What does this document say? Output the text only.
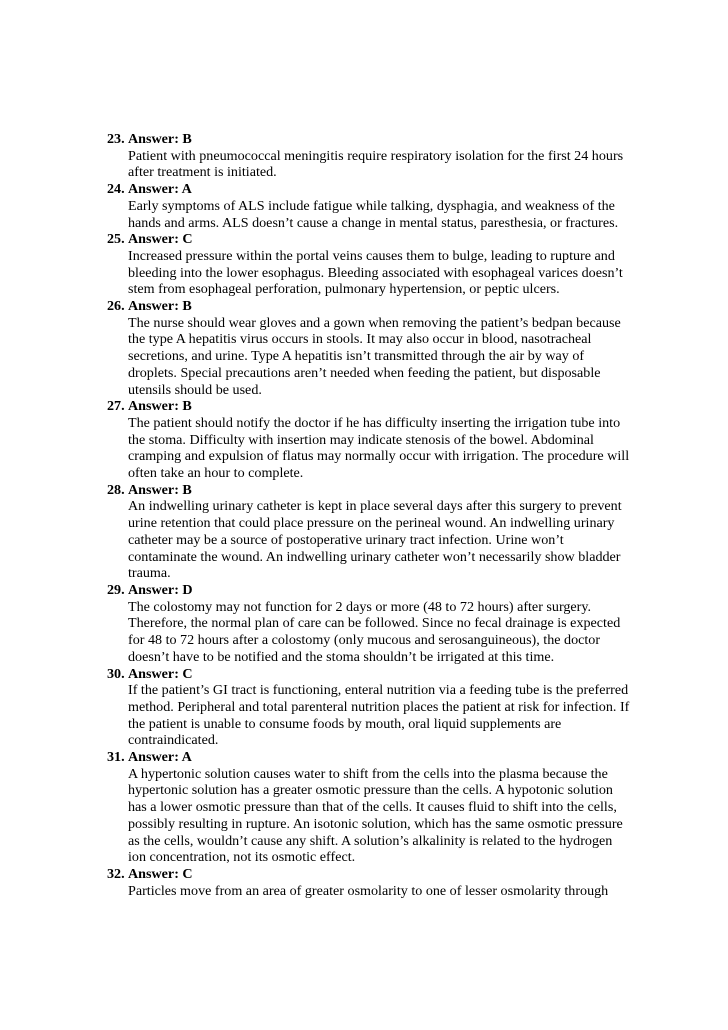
23. Answer: B
Patient with pneumococcal meningitis require respiratory isolation for the first 24 hours
after treatment is initiated.
24. Answer: A
Early symptoms of ALS include fatigue while talking, dysphagia, and weakness of the
hands and arms. ALS doesn’t cause a change in mental status, paresthesia, or fractures.
25. Answer: C
Increased pressure within the portal veins causes them to bulge, leading to rupture and
bleeding into the lower esophagus. Bleeding associated with esophageal varices doesn’t
stem from esophageal perforation, pulmonary hypertension, or peptic ulcers.
26. Answer: B
The nurse should wear gloves and a gown when removing the patient’s bedpan because
the type A hepatitis virus occurs in stools. It may also occur in blood, nasotracheal
secretions, and urine. Type A hepatitis isn’t transmitted through the air by way of
droplets. Special precautions aren’t needed when feeding the patient, but disposable
utensils should be used.
27. Answer: B
The patient should notify the doctor if he has difficulty inserting the irrigation tube into
the stoma. Difficulty with insertion may indicate stenosis of the bowel. Abdominal
cramping and expulsion of flatus may normally occur with irrigation. The procedure will
often take an hour to complete.
28. Answer: B
An indwelling urinary catheter is kept in place several days after this surgery to prevent
urine retention that could place pressure on the perineal wound. An indwelling urinary
catheter may be a source of postoperative urinary tract infection. Urine won’t
contaminate the wound. An indwelling urinary catheter won’t necessarily show bladder
trauma.
29. Answer: D
The colostomy may not function for 2 days or more (48 to 72 hours) after surgery.
Therefore, the normal plan of care can be followed. Since no fecal drainage is expected
for 48 to 72 hours after a colostomy (only mucous and serosanguineous), the doctor
doesn’t have to be notified and the stoma shouldn’t be irrigated at this time.
30. Answer: C
If the patient’s GI tract is functioning, enteral nutrition via a feeding tube is the preferred
method. Peripheral and total parenteral nutrition places the patient at risk for infection. If
the patient is unable to consume foods by mouth, oral liquid supplements are
contraindicated.
31. Answer: A
A hypertonic solution causes water to shift from the cells into the plasma because the
hypertonic solution has a greater osmotic pressure than the cells. A hypotonic solution
has a lower osmotic pressure than that of the cells. It causes fluid to shift into the cells,
possibly resulting in rupture. An isotonic solution, which has the same osmotic pressure
as the cells, wouldn’t cause any shift. A solution’s alkalinity is related to the hydrogen
ion concentration, not its osmotic effect.
32. Answer: C
Particles move from an area of greater osmolarity to one of lesser osmolarity through
